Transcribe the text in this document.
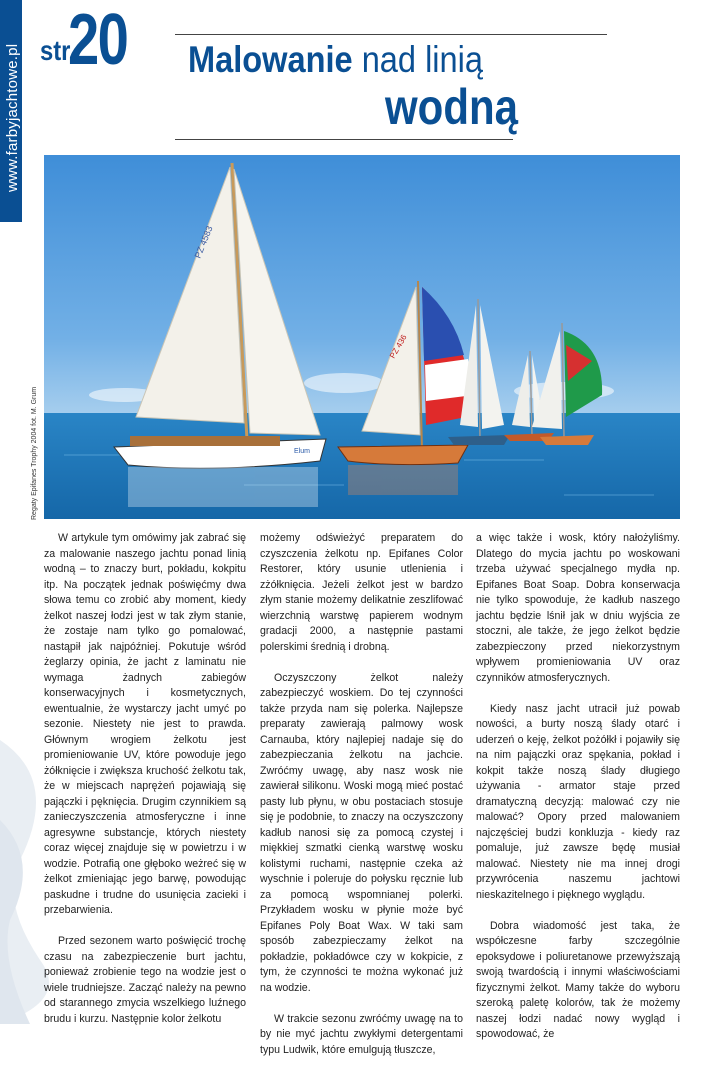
www.farbyjachtowe.pl str20	Malowanie nad linią
wodną
PZ 4583
Elum
PZ 436
Regaty Epifanes Trophy 2004 fot. M. Grum

W artykule tym omówimy jak zabrać się za malowanie naszego jachtu ponad linią wodną – to znaczy burt, pokładu, kokpitu itp. Na początek jednak poświęćmy dwa słowa temu co zrobić aby moment, kiedy żelkot naszej łodzi jest w tak złym stanie, że zostaje nam tylko go pomalować, nastąpił jak najpóźniej. Pokutuje wśród żeglarzy opinia, że jacht z laminatu nie wymaga żadnych zabiegów konserwacyjnych i kosmetycznych, ewentualnie, że wystarczy jacht umyć po sezonie. Niestety nie jest to prawda. Głównym wrogiem żelkotu jest promieniowanie UV, które powoduje jego żółknięcie i zwiększa kruchość żelkotu tak, że w miejscach naprężeń pojawiają się pajączki i pęknięcia. Drugim czynnikiem są zanieczyszczenia atmosferyczne i inne agresywne substancje, których niestety coraz więcej znajduje się w powietrzu i w wodzie. Potrafią one głęboko weżreć się w żelkot zmieniając jego barwę, powodując paskudne i trudne do usunięcia zacieki i przebarwienia.

Przed sezonem warto poświęcić trochę czasu na zabezpieczenie burt jachtu, ponieważ zrobienie tego na wodzie jest o wiele trudniejsze. Zacząć należy na pewno od starannego zmycia wszelkiego luźnego brudu i kurzu. Następnie kolor żelkotu

możemy odświeżyć preparatem do czyszczenia żelkotu np. Epifanes Color Restorer, który usunie utlenienia i zżółknięcia. Jeżeli żelkot jest w bardzo złym stanie możemy delikatnie zeszlifować wierzchnią warstwę papierem wodnym gradacji 2000, a następnie pastami polerskimi średnią i drobną.

Oczyszczony żelkot należy zabezpieczyć woskiem. Do tej czynności także przyda nam się polerka. Najlepsze preparaty zawierają palmowy wosk Carnauba, który najlepiej nadaje się do zabezpieczania żelkotu na jachcie. Zwróćmy uwagę, aby nasz wosk nie zawierał silikonu. Woski mogą mieć postać pasty lub płynu, w obu postaciach stosuje się je podobnie, to znaczy na oczyszczony kadłub nanosi się za pomocą czystej i miękkiej szmatki cienką warstwę wosku kolistymi ruchami, następnie czeka aż wyschnie i poleruje do połysku ręcznie lub za pomocą wspomnianej polerki. Przykładem wosku w płynie może być Epifanes Poly Boat Wax. W taki sam sposób zabezpieczamy żelkot na pokładzie, pokładówce czy w kokpicie, z tym, że czynności te można wykonać już na wodzie.

W trakcie sezonu zwróćmy uwagę na to by nie myć jachtu zwykłymi detergentami typu Ludwik, które emulgują tłuszcze,

a więc także i wosk, który nałożyliśmy. Dlatego do mycia jachtu po woskowani trzeba używać specjalnego mydła np. Epifanes Boat Soap. Dobra konserwacja nie tylko spowoduje, że kadłub naszego jachtu będzie lśnił jak w dniu wyjścia ze stoczni, ale także, że jego żelkot będzie zabezpieczony przed niekorzystnym wpływem promieniowania UV oraz czynników atmosferycznych.

Kiedy nasz jacht utracił już powab nowości, a burty noszą ślady otarć i uderzeń o keję, żelkot pożółkł i pojawiły się na nim pajączki oraz spękania, pokład i kokpit także noszą ślady długiego używania - armator staje przed dramatyczną decyzją: malować czy nie malować? Opory przed malowaniem najczęściej budzi konkluzja - kiedy raz pomaluje, już zawsze będę musiał malować. Niestety nie ma innej drogi przywrócenia naszemu jachtowi nieskazitelnego i pięknego wyglądu.

Dobra wiadomość jest taka, że współczesne farby szczególnie epoksydowe i poliuretanowe przewyższają swoją twardością i innymi właściwościami fizycznymi żelkot. Mamy także do wyboru szeroką paletę kolorów, tak że możemy naszej łodzi nadać nowy wygląd i spowodować, że
